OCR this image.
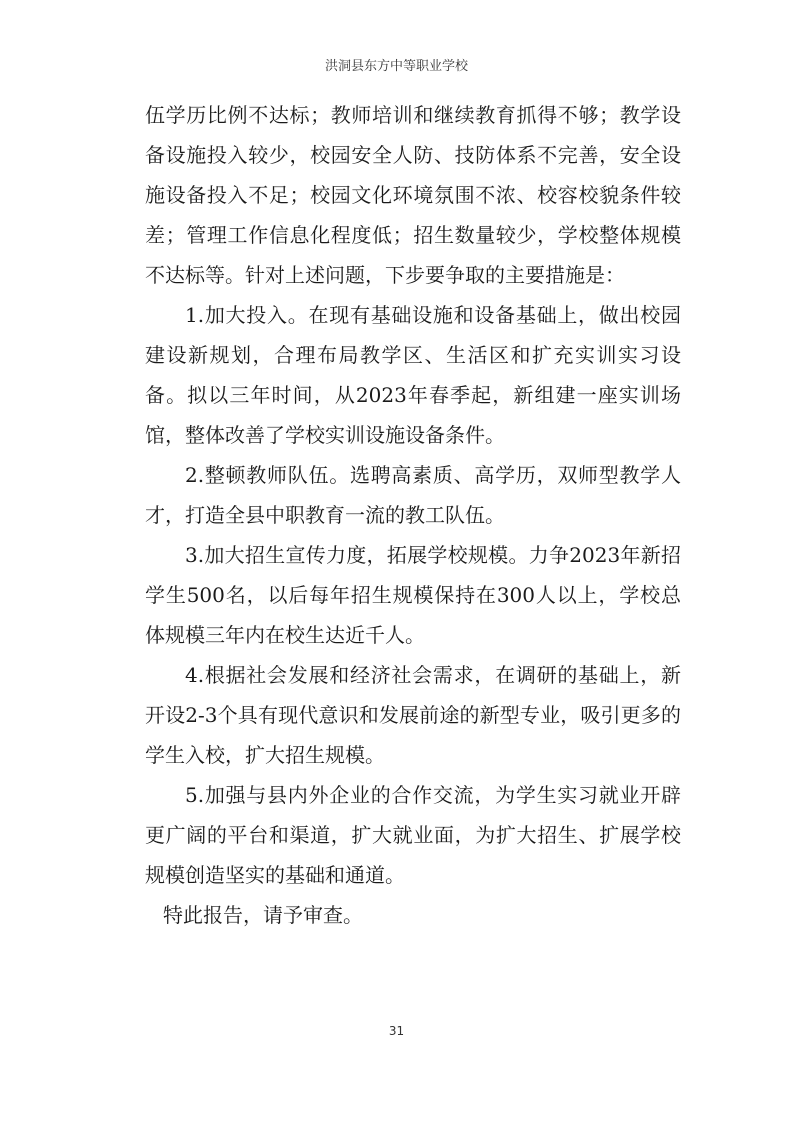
洪洞县东方中等职业学校

伍学历比例不达标；教师培训和继续教育抓得不够；教学设备设施投入较少，校园安全人防、技防体系不完善，安全设施设备投入不足；校园文化环境氛围不浓、校容校貌条件较差；管理工作信息化程度低；招生数量较少，学校整体规模不达标等。针对上述问题，下步要争取的主要措施是：

1.加大投入。在现有基础设施和设备基础上，做出校园建设新规划，合理布局教学区、生活区和扩充实训实习设备。拟以三年时间，从2023年春季起，新组建一座实训场馆，整体改善了学校实训设施设备条件。

2.整顿教师队伍。选聘高素质、高学历，双师型教学人才，打造全县中职教育一流的教工队伍。

3.加大招生宣传力度，拓展学校规模。力争2023年新招学生500名，以后每年招生规模保持在300人以上，学校总体规模三年内在校生达近千人。

4.根据社会发展和经济社会需求，在调研的基础上，新开设2-3个具有现代意识和发展前途的新型专业，吸引更多的学生入校，扩大招生规模。

5.加强与县内外企业的合作交流，为学生实习就业开辟更广阔的平台和渠道，扩大就业面，为扩大招生、扩展学校规模创造坚实的基础和通道。

特此报告，请予审查。

31
